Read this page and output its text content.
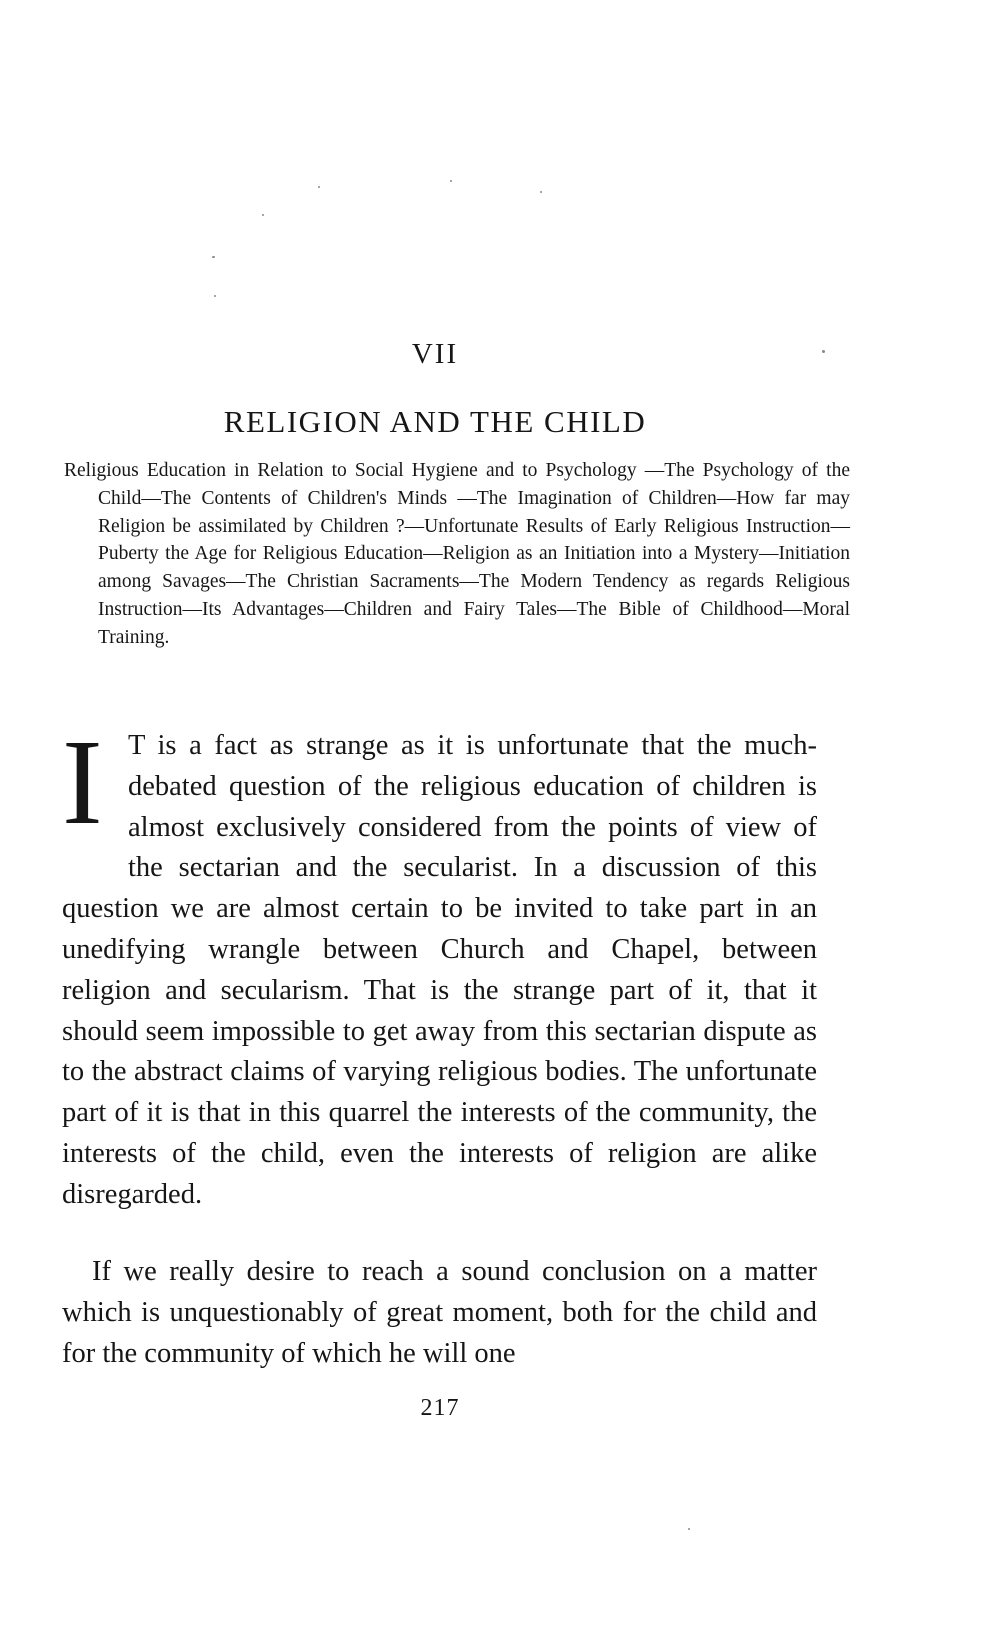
VII
RELIGION AND THE CHILD
Religious Education in Relation to Social Hygiene and to Psychology —The Psychology of the Child—The Contents of Children's Minds —The Imagination of Children—How far may Religion be assimilated by Children ?—Unfortunate Results of Early Religious Instruction—Puberty the Age for Religious Education—Religion as an Initiation into a Mystery—Initiation among Savages—The Christian Sacraments—The Modern Tendency as regards Religious Instruction—Its Advantages—Children and Fairy Tales—The Bible of Childhood—Moral Training.
I T is a fact as strange as it is unfortunate that the much-debated question of the religious education of children is almost exclusively considered from the points of view of the sectarian and the secularist. In a discussion of this question we are almost certain to be invited to take part in an unedifying wrangle between Church and Chapel, between religion and secularism. That is the strange part of it, that it should seem impossible to get away from this sectarian dispute as to the abstract claims of varying religious bodies. The unfortunate part of it is that in this quarrel the interests of the community, the interests of the child, even the interests of religion are alike disregarded.
If we really desire to reach a sound conclusion on a matter which is unquestionably of great moment, both for the child and for the community of which he will one
217
